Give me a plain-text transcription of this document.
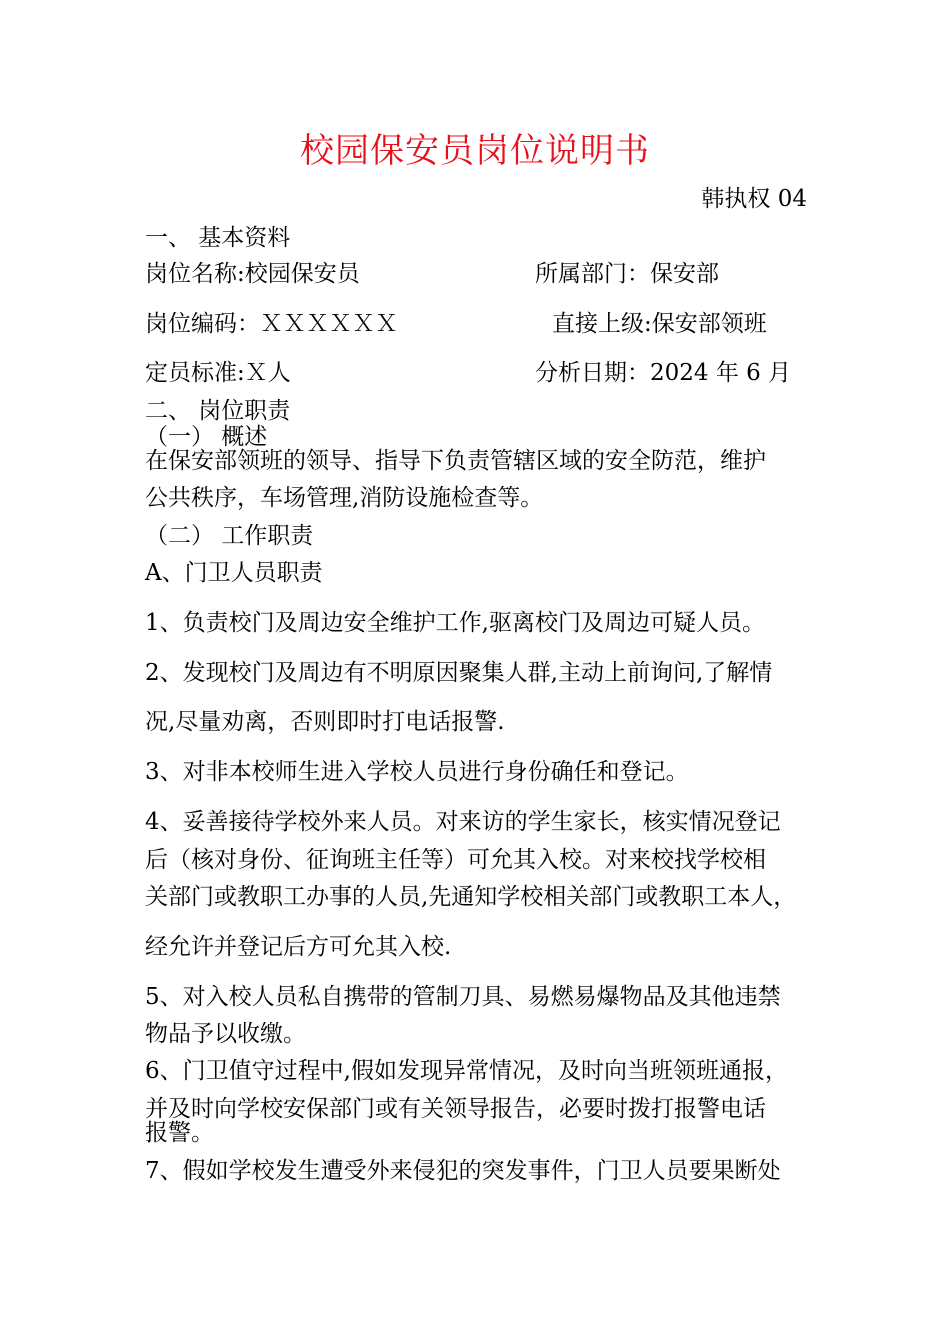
校园保安员岗位说明书
韩执权 04
一、 基本资料
岗位名称:校园保安员	所属部门：保安部
岗位编码：ＸＸＸＸＸＸ	直接上级:保安部领班
定员标准:Ｘ人	分析日期：2024 年 6 月
二、 岗位职责
（一） 概述
在保安部领班的领导、指导下负责管辖区域的安全防范，维护
公共秩序，车场管理,消防设施检查等。
（二） 工作职责
A、门卫人员职责
1、负责校门及周边安全维护工作,驱离校门及周边可疑人员。
2、发现校门及周边有不明原因聚集人群,主动上前询问,了解情
况,尽量劝离，否则即时打电话报警.
3、对非本校师生进入学校人员进行身份确任和登记。
4、妥善接待学校外来人员。对来访的学生家长，核实情况登记
后（核对身份、征询班主任等）可允其入校。对来校找学校相
关部门或教职工办事的人员,先通知学校相关部门或教职工本人，
经允许并登记后方可允其入校.
5、对入校人员私自携带的管制刀具、易燃易爆物品及其他违禁
物品予以收缴。
6、门卫值守过程中,假如发现异常情况，及时向当班领班通报，
并及时向学校安保部门或有关领导报告，必要时拨打报警电话
报警。
7、假如学校发生遭受外来侵犯的突发事件，门卫人员要果断处
